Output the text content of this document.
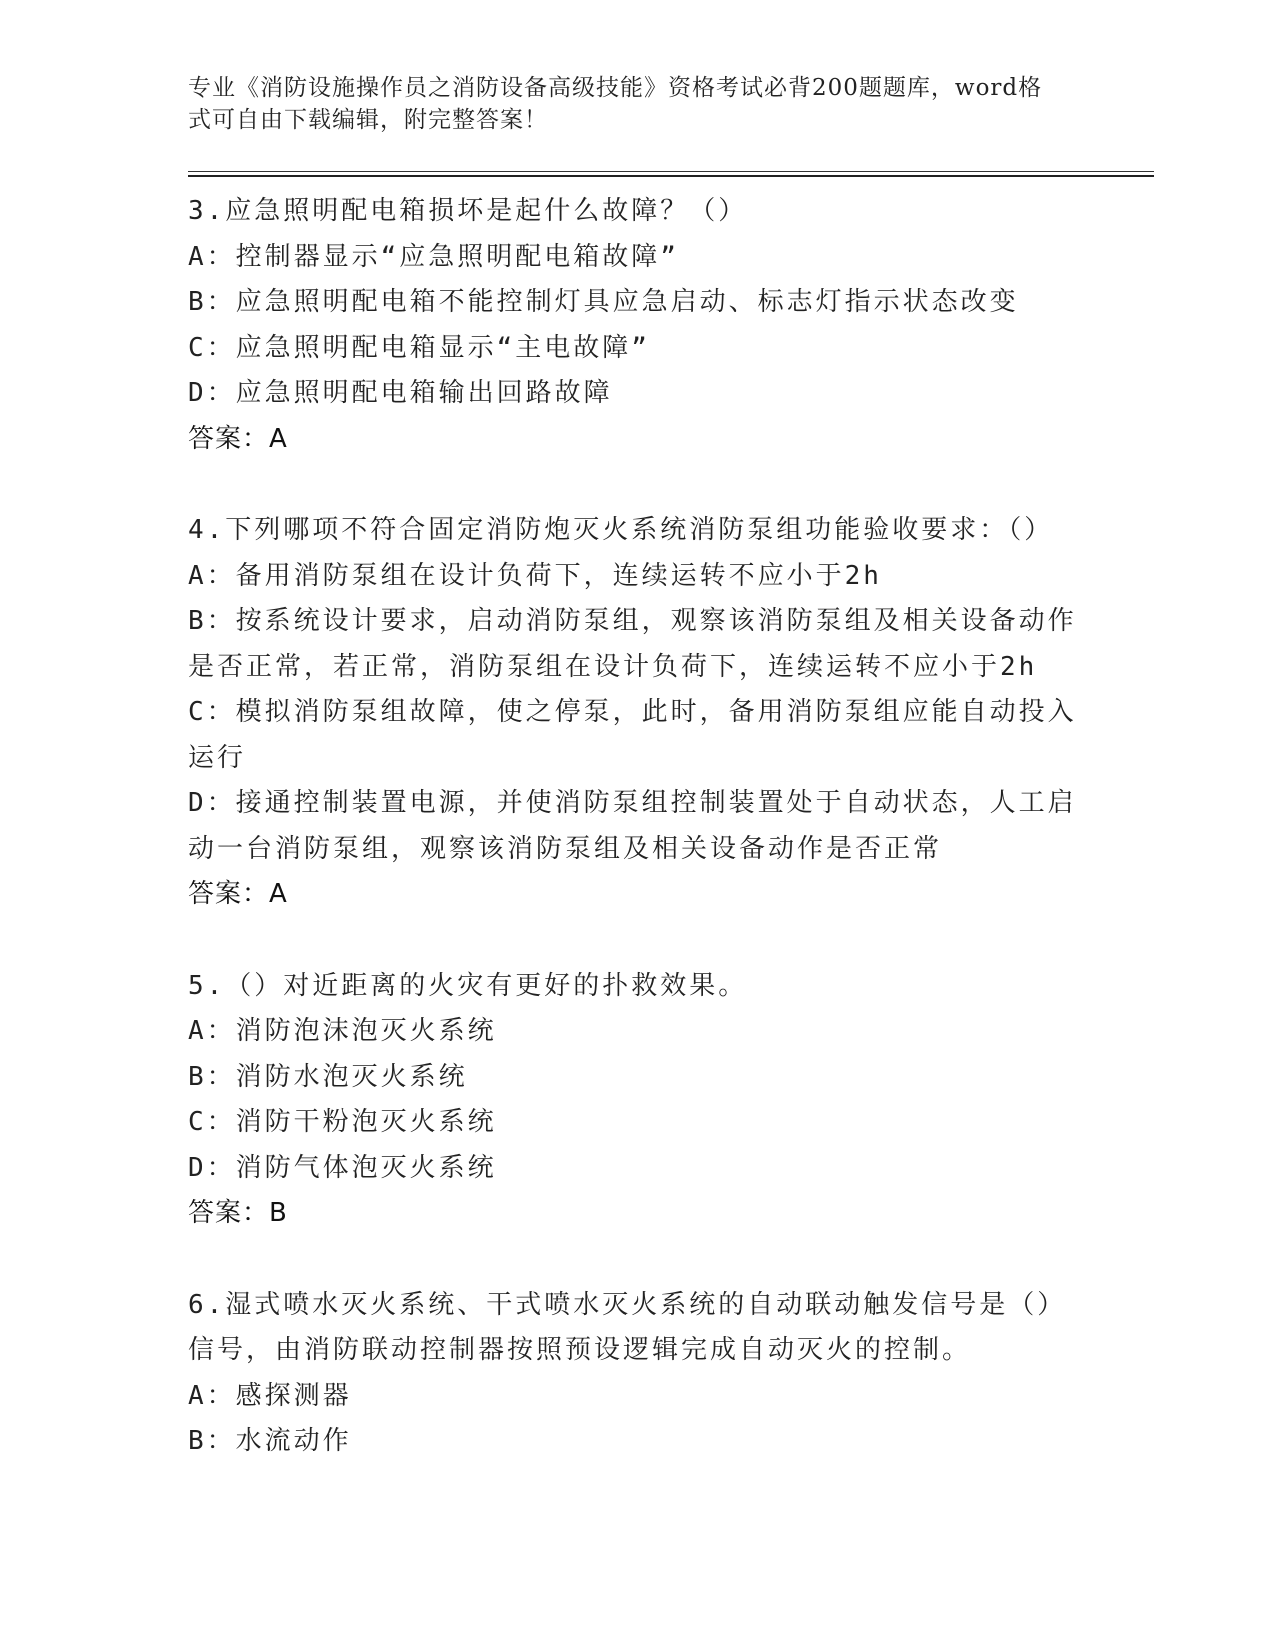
专业《消防设施操作员之消防设备高级技能》资格考试必背200题题库，word格
式可自由下载编辑，附完整答案！
3.应急照明配电箱损坏是起什么故障？（）
A：控制器显示“应急照明配电箱故障”
B：应急照明配电箱不能控制灯具应急启动、标志灯指示状态改变
C：应急照明配电箱显示“主电故障”
D：应急照明配电箱输出回路故障
答案：A
4.下列哪项不符合固定消防炮灭火系统消防泵组功能验收要求：（）
A：备用消防泵组在设计负荷下，连续运转不应小于2h
B：按系统设计要求，启动消防泵组，观察该消防泵组及相关设备动作
是否正常，若正常，消防泵组在设计负荷下，连续运转不应小于2h
C：模拟消防泵组故障，使之停泵，此时，备用消防泵组应能自动投入
运行
D：接通控制装置电源，并使消防泵组控制装置处于自动状态，人工启
动一台消防泵组，观察该消防泵组及相关设备动作是否正常
答案：A
5.（）对近距离的火灾有更好的扑救效果。
A：消防泡沫泡灭火系统
B：消防水泡灭火系统
C：消防干粉泡灭火系统
D：消防气体泡灭火系统
答案：B
6.湿式喷水灭火系统、干式喷水灭火系统的自动联动触发信号是（）
信号，由消防联动控制器按照预设逻辑完成自动灭火的控制。
A：感探测器
B：水流动作
